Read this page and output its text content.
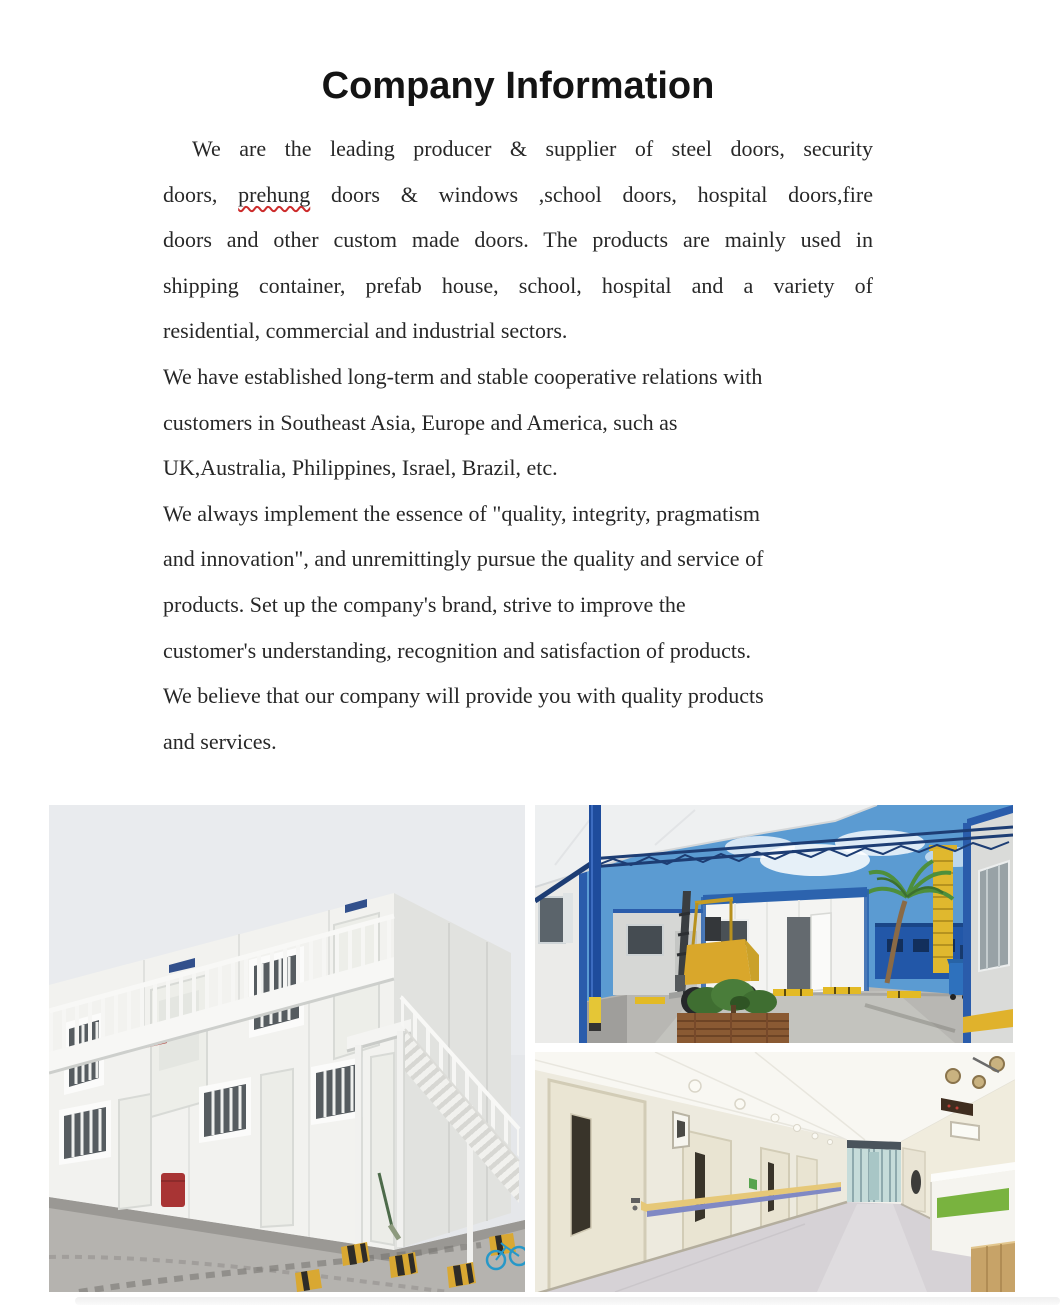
Company Information
We are the leading producer & supplier of steel doors, security
doors, prehung doors & windows ,school doors, hospital doors,fire
doors and other custom made doors. The products are mainly used in
shipping container, prefab house, school, hospital and a variety of
residential, commercial and industrial sectors.
We have established long-term and stable cooperative relations with
customers in Southeast Asia, Europe and America, such as
UK,Australia, Philippines, Israel, Brazil, etc.
We always implement the essence of "quality, integrity, pragmatism
and innovation", and unremittingly pursue the quality and service of
products. Set up the company's brand, strive to improve the
customer's understanding, recognition and satisfaction of products.
We believe that our company will provide you with quality products
and services.
